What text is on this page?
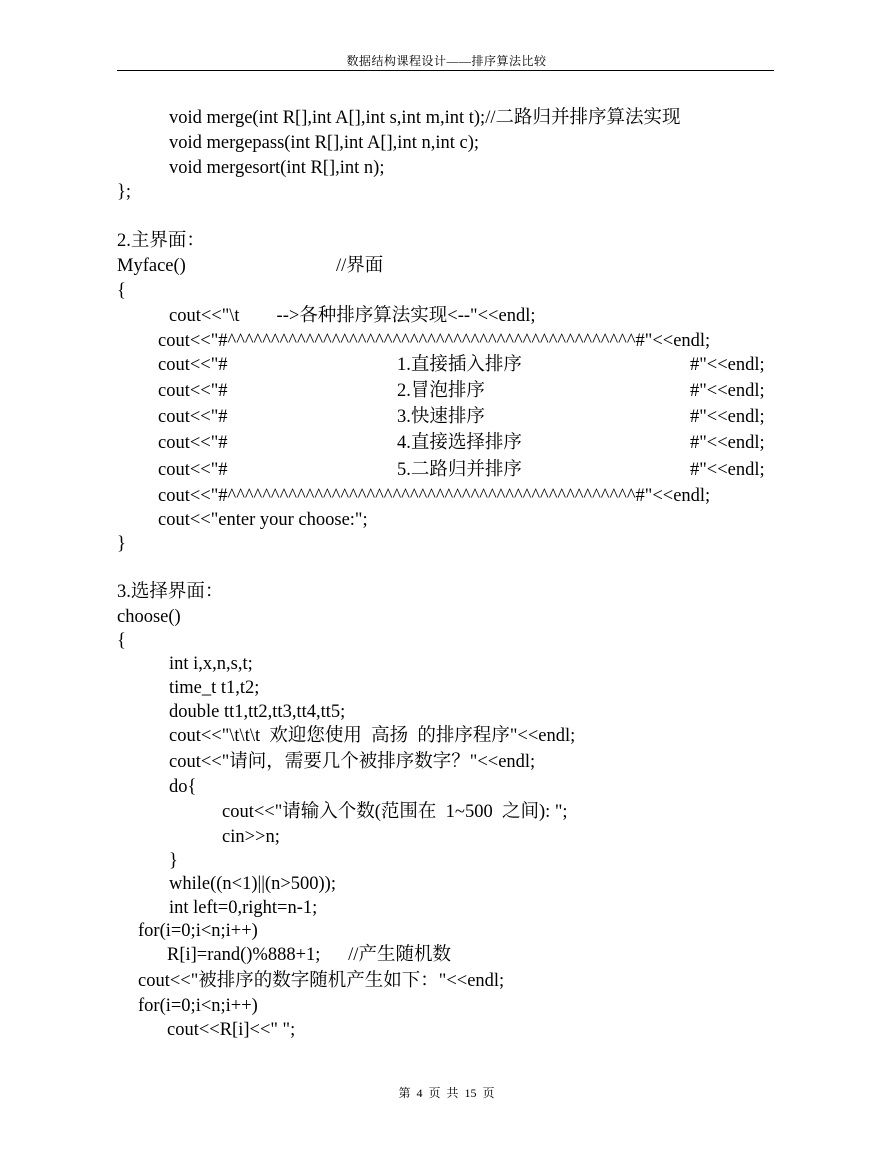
数据结构课程设计——排序算法比较
void merge(int R[],int A[],int s,int m,int t);//二路归并排序算法实现
void mergepass(int R[],int A[],int n,int c);
void mergesort(int R[],int n);
};
2.主界面：
Myface()	//界面
{
cout<<"\t        -->各种排序算法实现<--"<<endl;
cout<<"#^^^^^^^^^^^^^^^^^^^^^^^^^^^^^^^^^^^^^^^^^^^^^^^#"<<endl;
cout<<"#	1.直接插入排序	#"<<endl;
cout<<"#	2.冒泡排序	#"<<endl;
cout<<"#	3.快速排序	#"<<endl;
cout<<"#	4.直接选择排序	#"<<endl;
cout<<"#	5.二路归并排序	#"<<endl;
cout<<"#^^^^^^^^^^^^^^^^^^^^^^^^^^^^^^^^^^^^^^^^^^^^^^^#"<<endl;
cout<<"enter your choose:";
}
3.选择界面：
choose()
{
int i,x,n,s,t;
time_t t1,t2;
double tt1,tt2,tt3,tt4,tt5;
cout<<"\t\t\t  欢迎您使用  高扬  的排序程序"<<endl;
cout<<"请问，需要几个被排序数字？"<<endl;
do{
cout<<"请输入个数(范围在  1~500  之间): ";
cin>>n;
}
while((n<1)||(n>500));
int left=0,right=n-1;
for(i=0;i<n;i++)
R[i]=rand()%888+1;      //产生随机数
cout<<"被排序的数字随机产生如下："<<endl;
for(i=0;i<n;i++)
cout<<R[i]<<" ";
第  4  页  共  15  页
